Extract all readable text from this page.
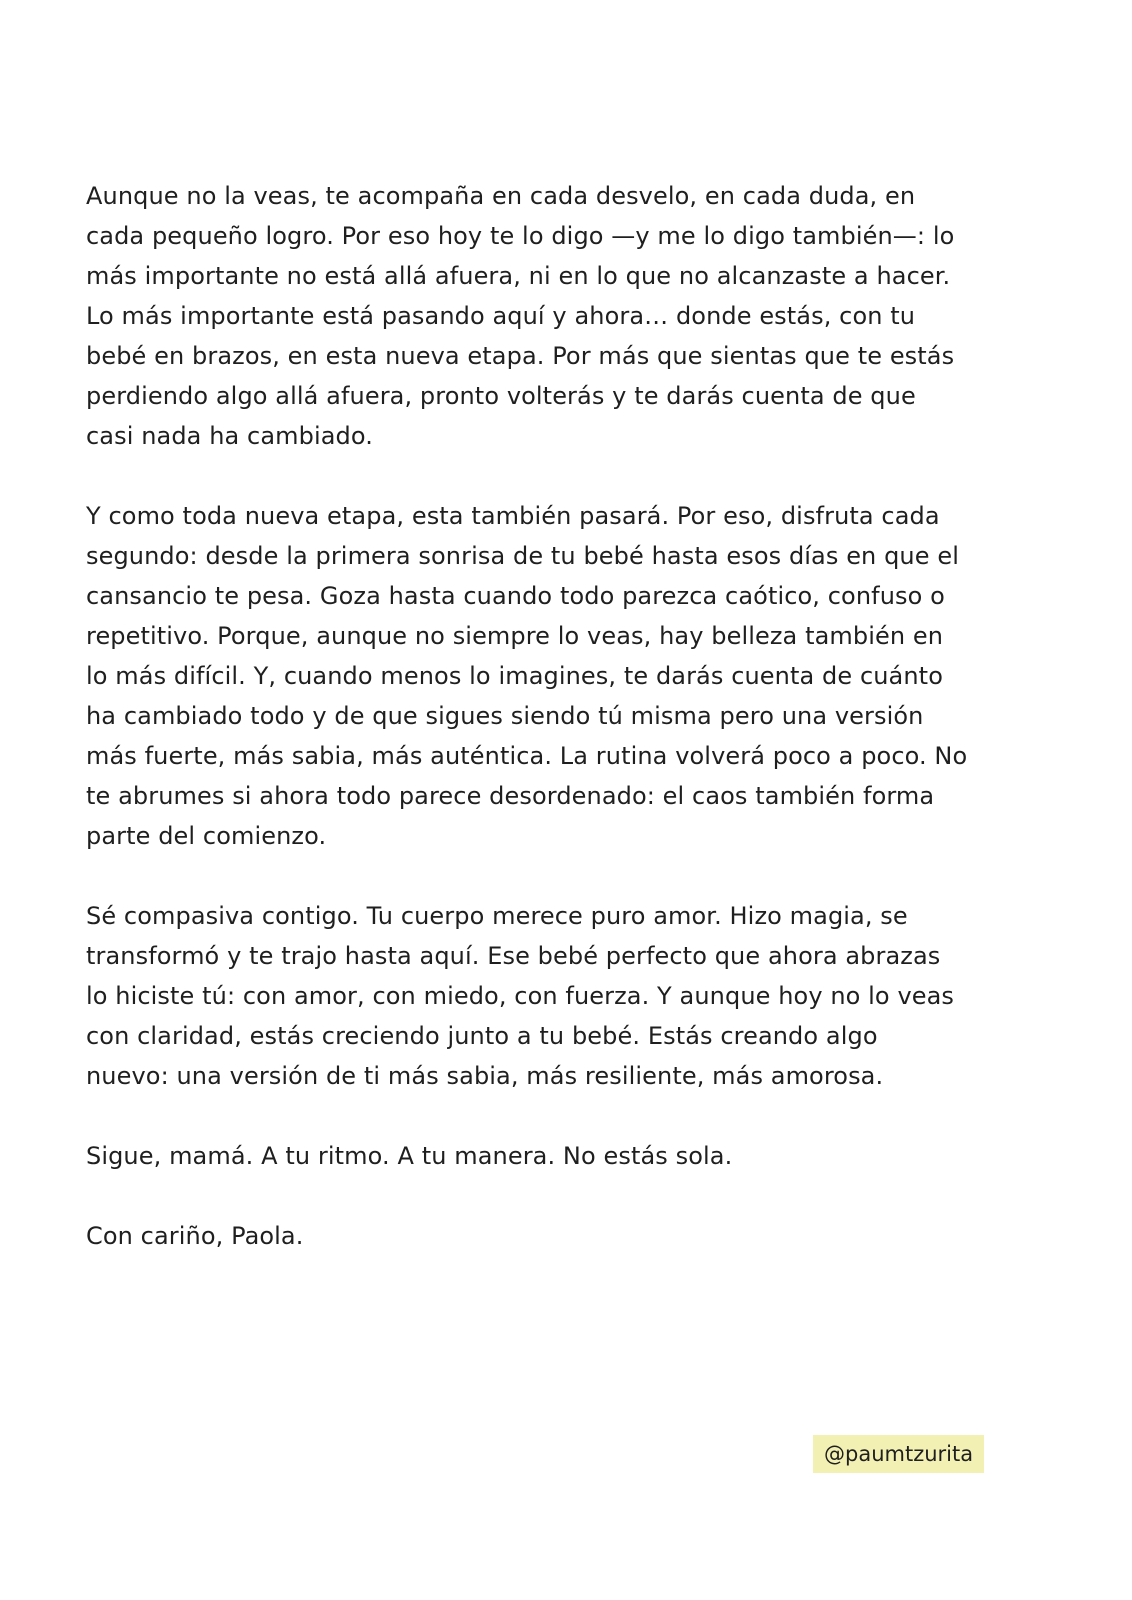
Aunque no la veas, te acompaña en cada desvelo, en cada duda, en
cada pequeño logro. Por eso hoy te lo digo —y me lo digo también—: lo
más importante no está allá afuera, ni en lo que no alcanzaste a hacer.
Lo más importante está pasando aquí y ahora… donde estás, con tu
bebé en brazos, en esta nueva etapa. Por más que sientas que te estás
perdiendo algo allá afuera, pronto volterás y te darás cuenta de que
casi nada ha cambiado.

Y como toda nueva etapa, esta también pasará. Por eso, disfruta cada
segundo: desde la primera sonrisa de tu bebé hasta esos días en que el
cansancio te pesa. Goza hasta cuando todo parezca caótico, confuso o
repetitivo. Porque, aunque no siempre lo veas, hay belleza también en
lo más difícil. Y, cuando menos lo imagines, te darás cuenta de cuánto
ha cambiado todo y de que sigues siendo tú misma pero una versión
más fuerte, más sabia, más auténtica. La rutina volverá poco a poco. No
te abrumes si ahora todo parece desordenado: el caos también forma
parte del comienzo.

Sé compasiva contigo. Tu cuerpo merece puro amor. Hizo magia, se
transformó y te trajo hasta aquí. Ese bebé perfecto que ahora abrazas
lo hiciste tú: con amor, con miedo, con fuerza. Y aunque hoy no lo veas
con claridad, estás creciendo junto a tu bebé. Estás creando algo
nuevo: una versión de ti más sabia, más resiliente, más amorosa.

Sigue, mamá. A tu ritmo. A tu manera. No estás sola.

Con cariño, Paola.

@paumtzurita
